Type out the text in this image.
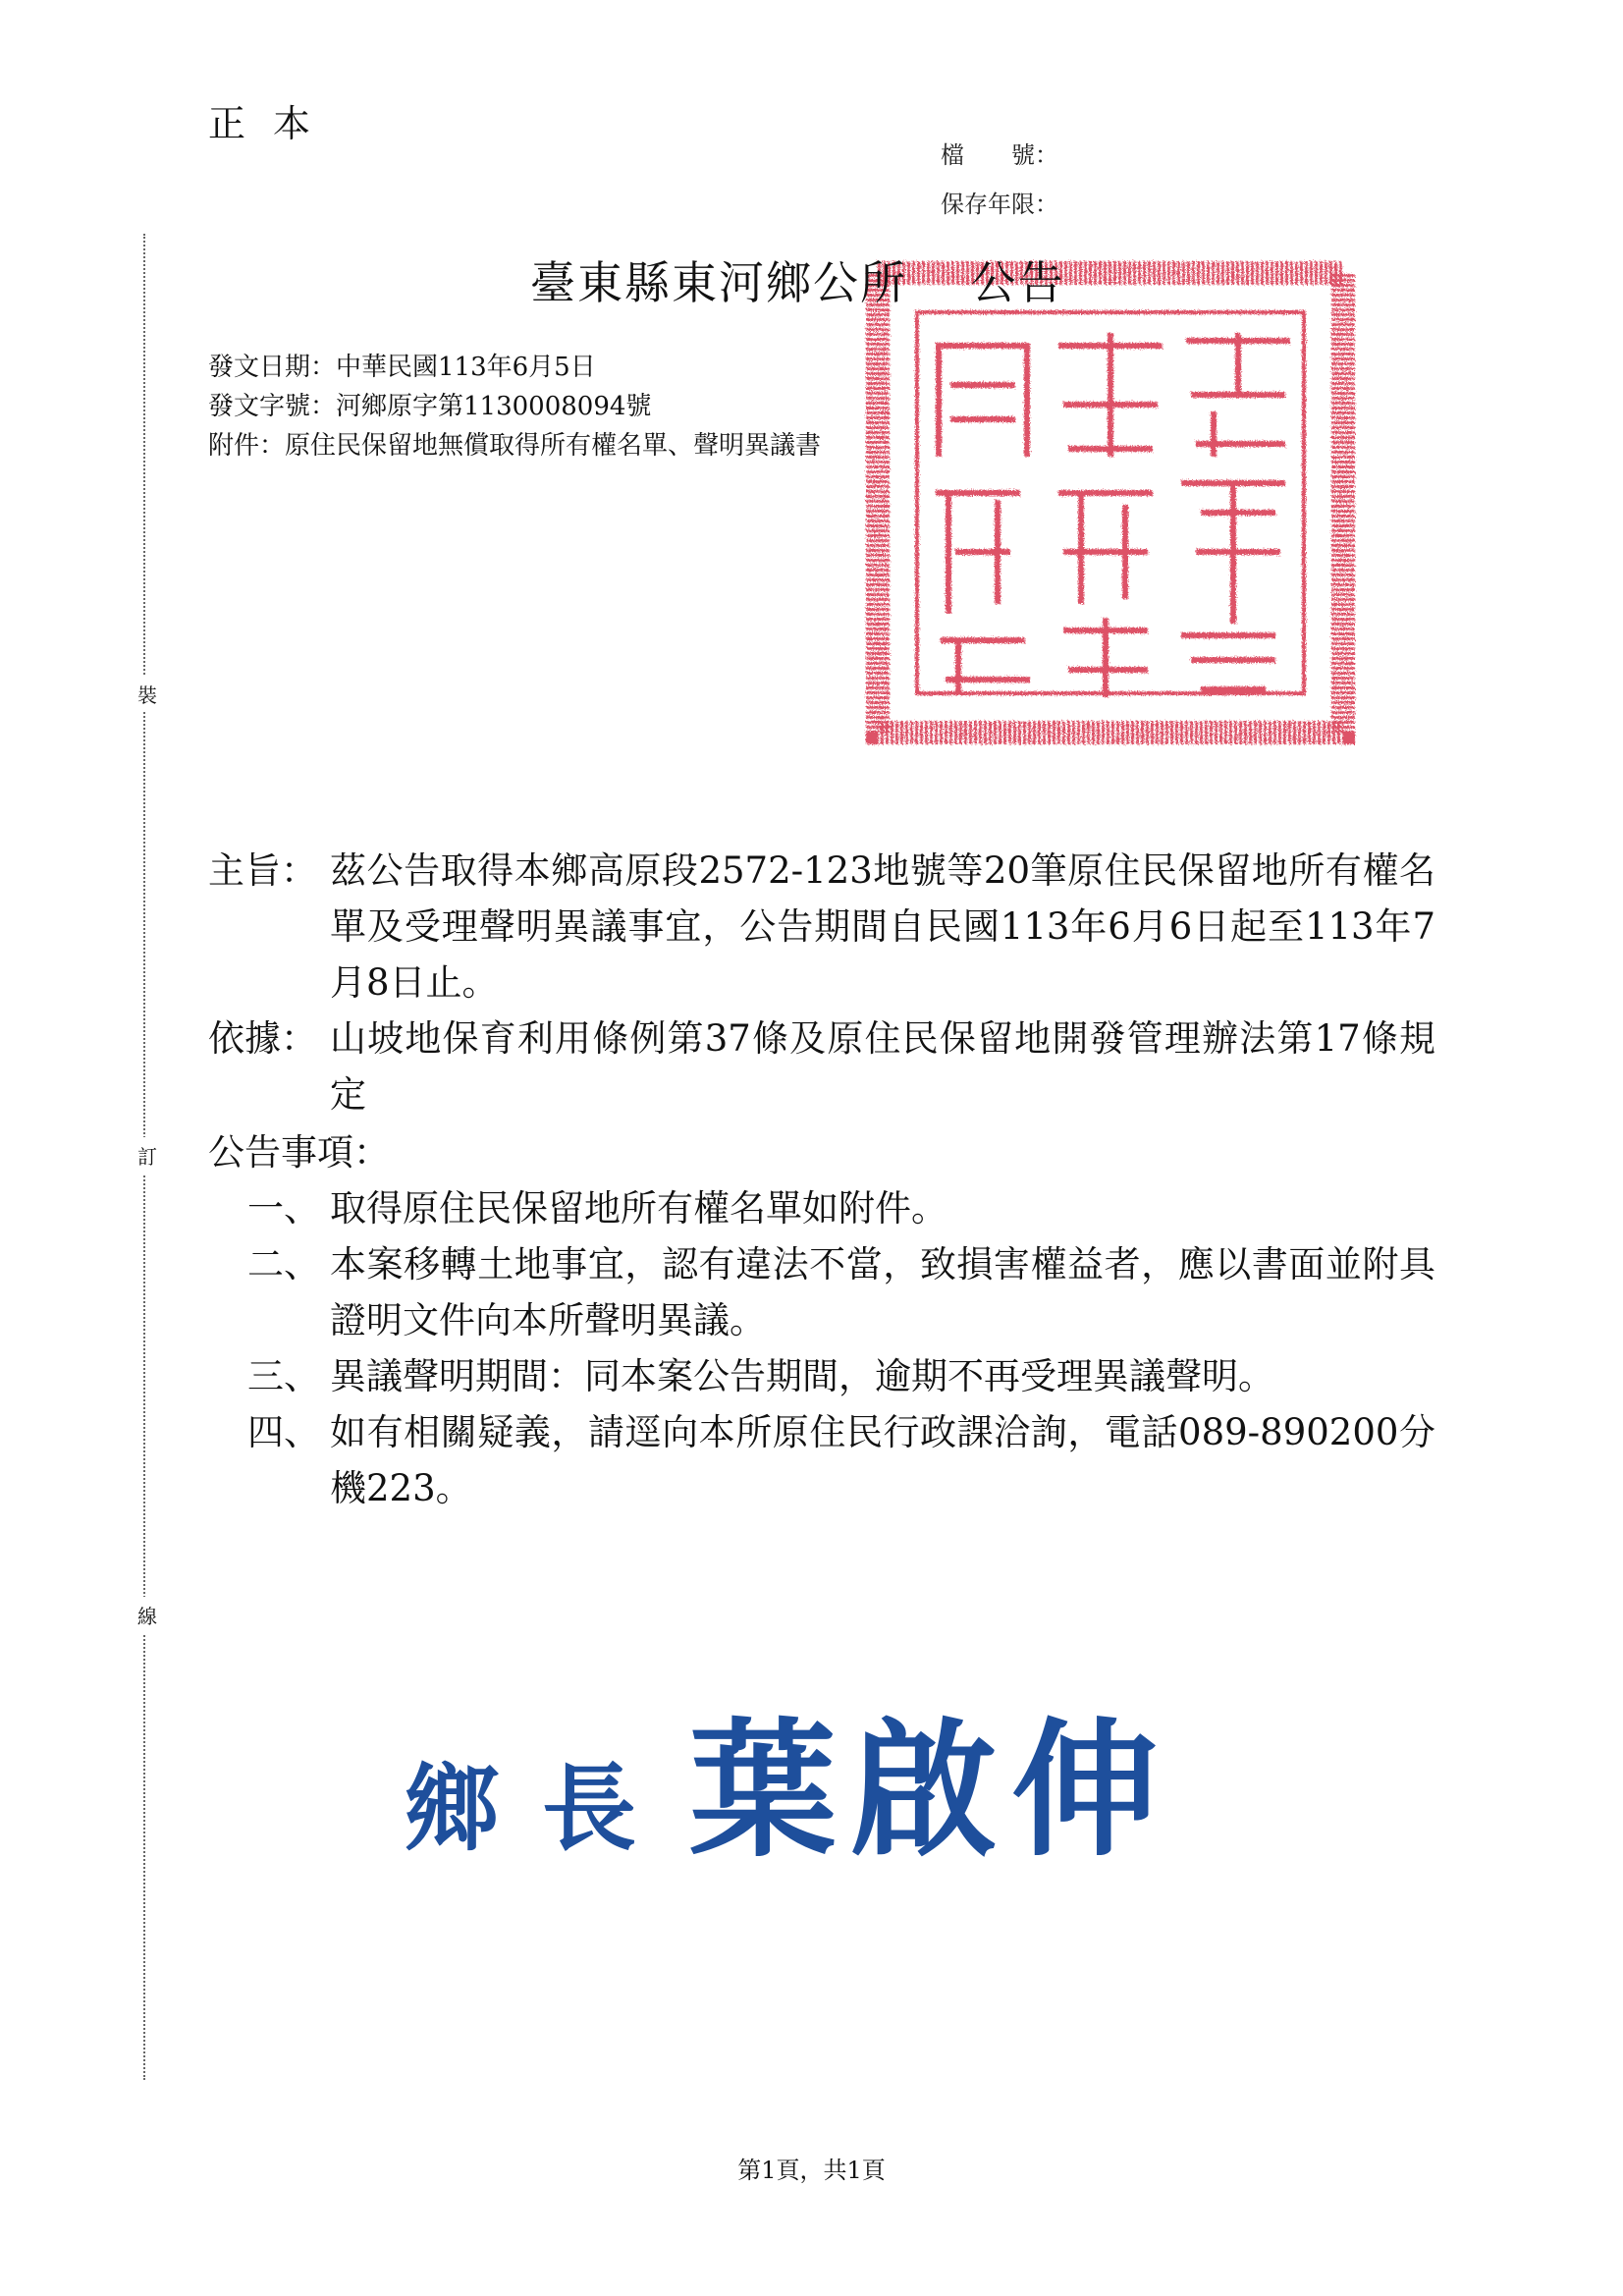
正本
檔　　號：
保存年限：
裝
訂
線
臺東縣東河鄉公所　 公告
發文日期：中華民國113年6月5日
發文字號：河鄉原字第1130008094號
附件：原住民保留地無償取得所有權名單、聲明異議書
主旨： 茲公告取得本鄉高原段2572-123地號等20筆原住民保留地所有權名單及受理聲明異議事宜，公告期間自民國113年6月6日起至113年7月8日止。
依據： 山坡地保育利用條例第37條及原住民保留地開發管理辦法第17條規定
公告事項：
一、 取得原住民保留地所有權名單如附件。
二、 本案移轉土地事宜，認有違法不當，致損害權益者，應以書面並附具證明文件向本所聲明異議。
三、 異議聲明期間：同本案公告期間，逾期不再受理異議聲明。
四、 如有相關疑義，請逕向本所原住民行政課洽詢，電話089-890200分機223。
鄉長葉啟伸
第1頁，共1頁
